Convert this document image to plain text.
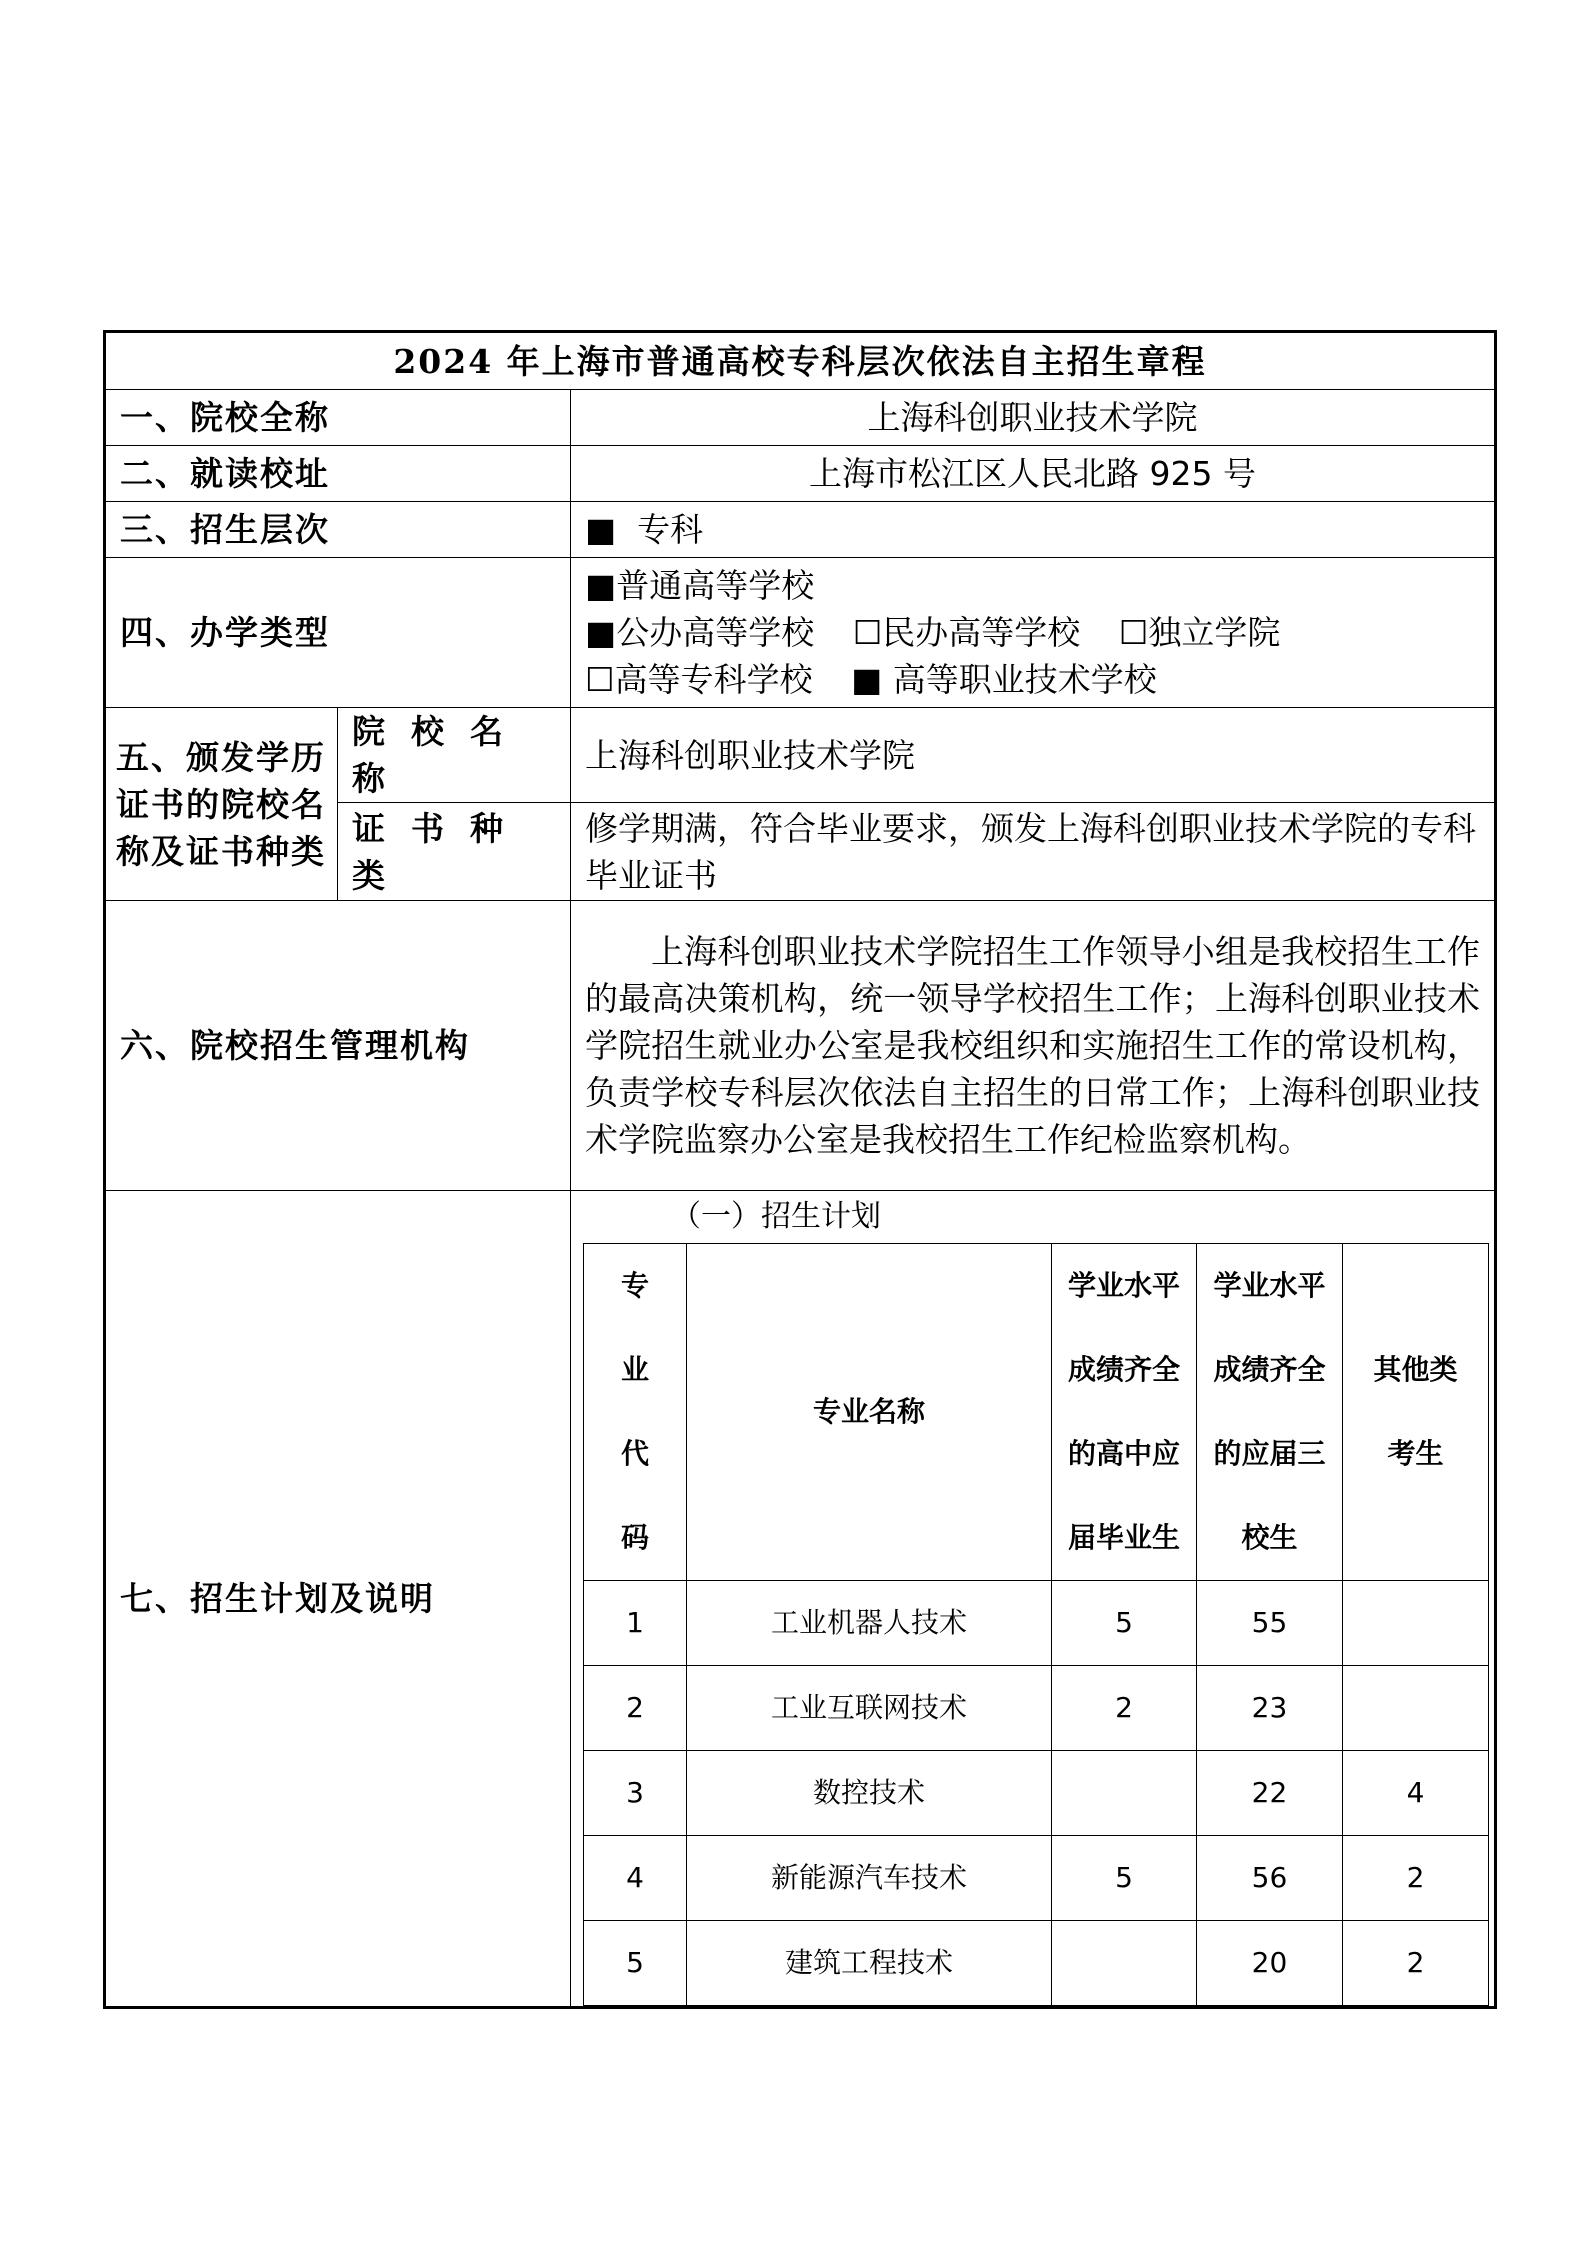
2024 年上海市普通高校专科层次依法自主招生章程
一、院校全称	上海科创职业技术学院
二、就读校址	上海市松江区人民北路 925 号
三、招生层次	■ 专科
四、办学类型	
■普通高等学校
■公办高等学校 ☐民办高等学校 ☐独立学院
☐高等专科学校 ■ 高等职业技术学校

五、颁发学历证书的院校名称及证书种类	院校名称	上海科创职业技术学院
证书种类	修学期满，符合毕业要求，颁发上海科创职业技术学院的专科毕业证书
六、院校招生管理机构	上海科创职业技术学院招生工作领导小组是我校招生工作的最高决策机构，统一领导学校招生工作；上海科创职业技术学院招生就业办公室是我校组织和实施招生工作的常设机构，负责学校专科层次依法自主招生的日常工作；上海科创职业技术学院监察办公室是我校招生工作纪检监察机构。
七、招生计划及说明	
（一）招生计划
专业代码	专业名称	学业水平成绩齐全的高中应届毕业生	学业水平成绩齐全的应届三校生	其他类考生
1	工业机器人技术	5	55	
2	工业互联网技术	2	23	
3	数控技术		22	4
4	新能源汽车技术	5	56	2
5	建筑工程技术		20	2
